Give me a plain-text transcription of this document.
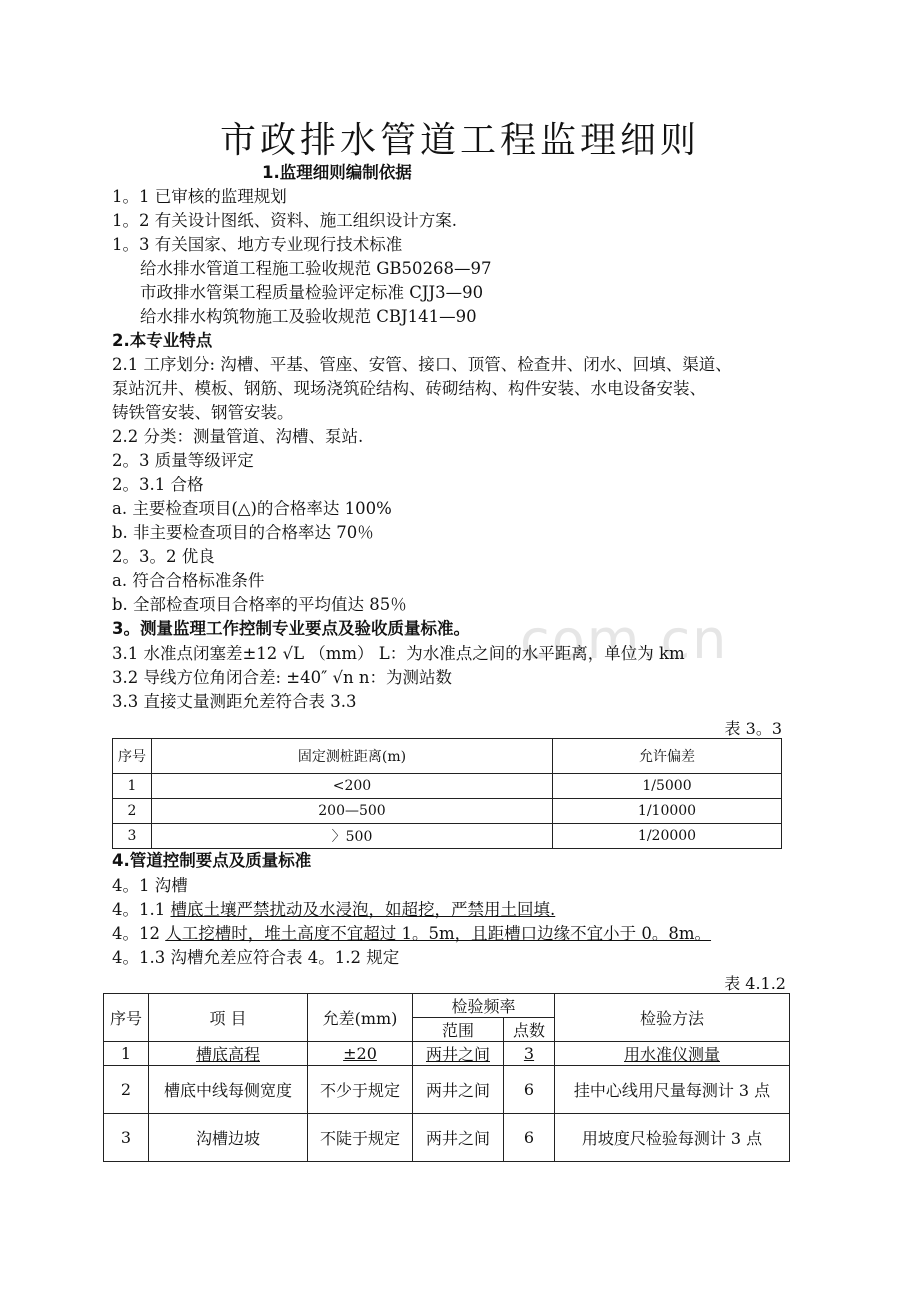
com.cn
市政排水管道工程监理细则
1.监理细则编制依据
1。1 已审核的监理规划
1。2 有关设计图纸、资料、施工组织设计方案.
1。3 有关国家、地方专业现行技术标准
给水排水管道工程施工验收规范 GB50268—97
市政排水管渠工程质量检验评定标准 CJJ3—90
给水排水构筑物施工及验收规范 CBJ141—90
2.本专业特点
2.1 工序划分: 沟槽、平基、管座、安管、接口、顶管、检查井、闭水、回填、渠道、
泵站沉井、模板、钢筋、现场浇筑砼结构、砖砌结构、构件安装、水电设备安装、
铸铁管安装、钢管安装。
2.2 分类：测量管道、沟槽、泵站.
2。3 质量等级评定
2。3.1 合格
a. 主要检查项目(△)的合格率达 100%
b. 非主要检查项目的合格率达 70％
2。3。2 优良
a. 符合合格标准条件
b. 全部检查项目合格率的平均值达 85％
3。测量监理工作控制专业要点及验收质量标准。
3.1 水准点闭塞差±12 √L （mm） L：为水准点之间的水平距离，单位为 km
3.2 导线方位角闭合差: ±40″ √n n：为测站数
3.3 直接丈量测距允差符合表 3.3
表 3。3
序号	固定测桩距离(m)	允许偏差
1	<200	1/5000
2	200—500	1/10000
3	〉500	1/20000
4.管道控制要点及质量标准
4。1 沟槽
4。1.1 槽底土壤严禁扰动及水浸泡，如超挖，严禁用土回填.
4。12 人工挖槽时，堆土高度不宜超过 1。5m，且距槽口边缘不宜小于 0。8m。
4。1.3 沟槽允差应符合表 4。1.2 规定
表 4.1.2
序号	项 目	允差(mm)	检验频率		检验方法
			范围	点数	
1	槽底高程	±20	两井之间	3	用水准仪测量
2	槽底中线每侧宽度	不少于规定	两井之间	6	挂中心线用尺量每测计 3 点
3	沟槽边坡	不陡于规定	两井之间	6	用坡度尺检验每测计 3 点
